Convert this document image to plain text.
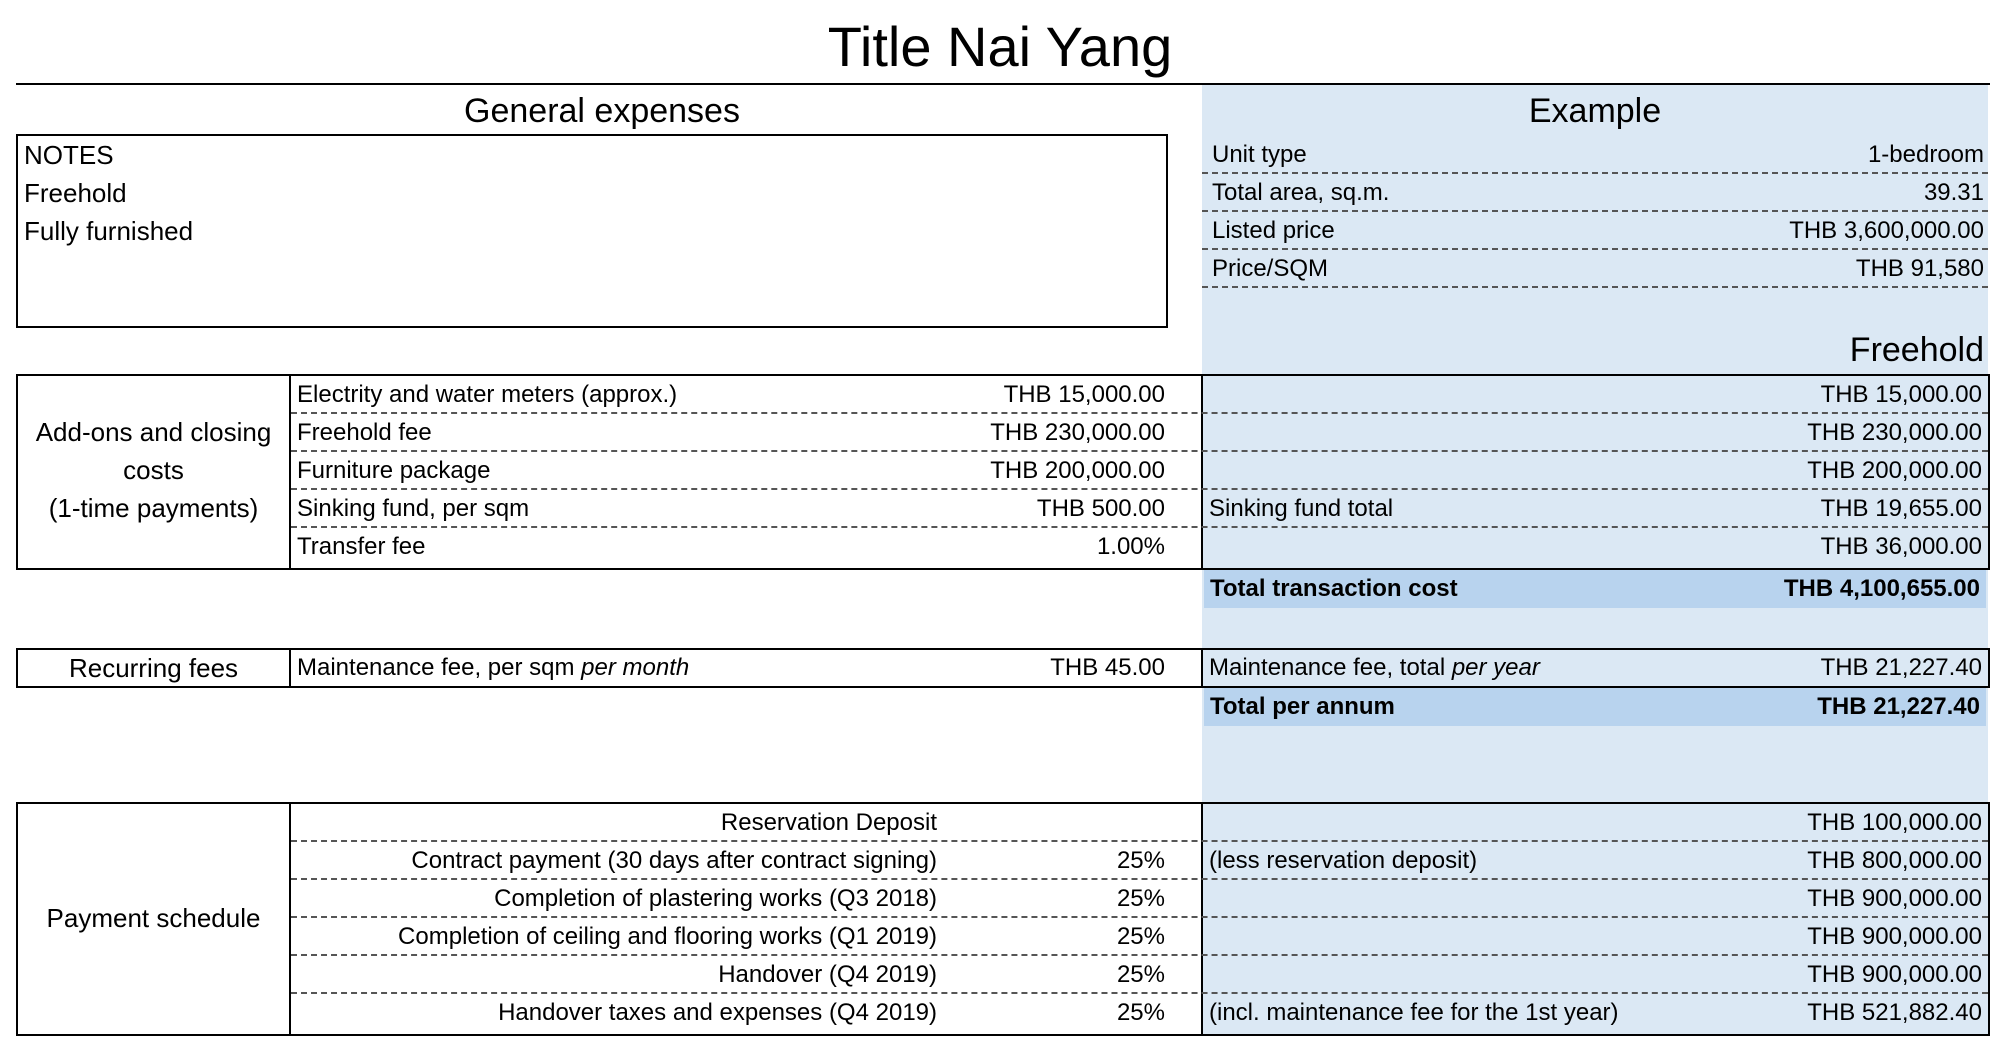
Title Nai Yang
General expenses	Example
NOTES
Freehold
Fully furnished
Unit type	1-bedroom
Total area, sq.m.	39.31
Listed price	THB 3,600,000.00
Price/SQM	THB 91,580
Freehold
Add-ons and closing
costs
(1-time payments)
Electrity and water meters (approx.)	THB 15,000.00	THB 15,000.00
Freehold fee	THB 230,000.00	THB 230,000.00
Furniture package	THB 200,000.00	THB 200,000.00
Sinking fund, per sqm	THB 500.00 Sinking fund total	THB 19,655.00
Transfer fee	1.00%	THB 36,000.00
Total transaction cost	THB 4,100,655.00
Recurring fees	Maintenance fee, per sqm per month	THB 45.00 Maintenance fee, total per year	THB 21,227.40
Total per annum	THB 21,227.40
Payment schedule
Reservation Deposit	THB 100,000.00
Contract payment (30 days after contract signing)	25% (less reservation deposit)	THB 800,000.00
Completion of plastering works (Q3 2018)	25%	THB 900,000.00
Completion of ceiling and flooring works (Q1 2019)	25%	THB 900,000.00
Handover (Q4 2019)	25%	THB 900,000.00
Handover taxes and expenses (Q4 2019)	25% (incl. maintenance fee for the 1st year)	THB 521,882.40
